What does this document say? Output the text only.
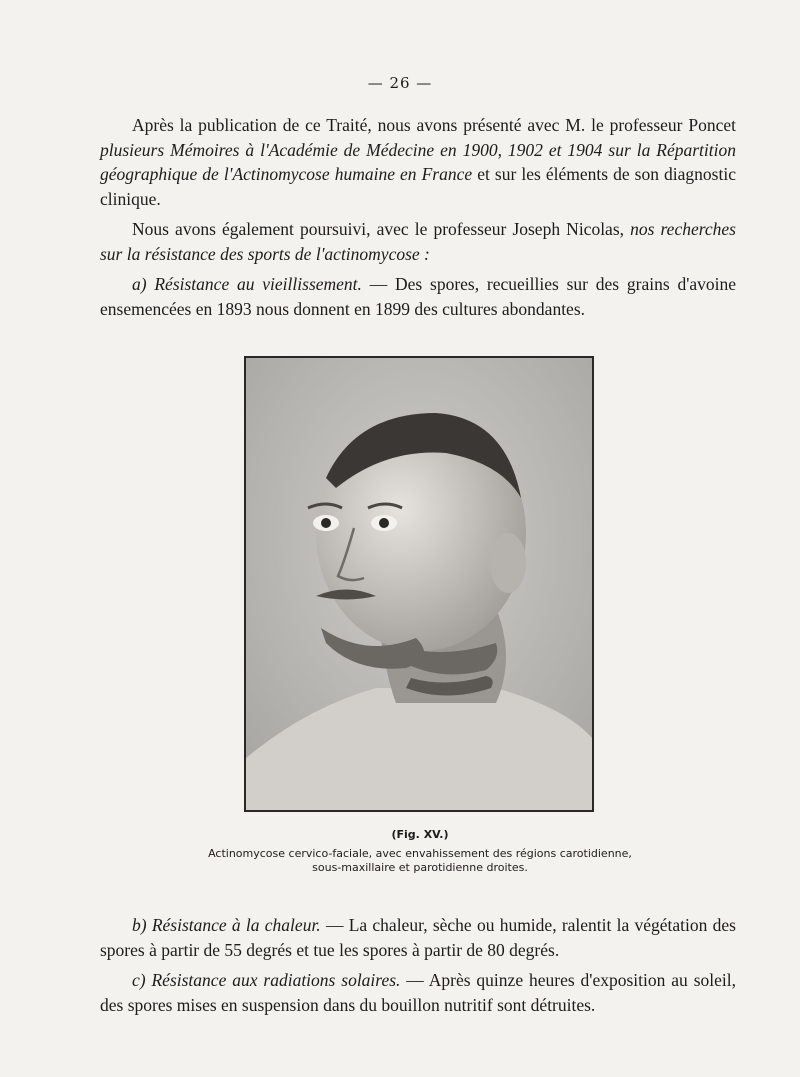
— 26 —

Après la publication de ce Traité, nous avons présenté avec M. le professeur Poncet plusieurs Mémoires à l'Académie de Médecine en 1900, 1902 et 1904 sur la Répartition géographique de l'Actinomycose humaine en France et sur les éléments de son diagnostic clinique.

Nous avons également poursuivi, avec le professeur Joseph Nicolas, nos recherches sur la résistance des sports de l'actinomycose :

a) Résistance au vieillissement. — Des spores, recueillies sur des grains d'avoine ensemencées en 1893 nous donnent en 1899 des cultures abondantes.

(Fig. XV.)
Actinomycose cervico-faciale, avec envahissement des régions carotidienne,
sous-maxillaire et parotidienne droites.

b) Résistance à la chaleur. — La chaleur, sèche ou humide, ralentit la végétation des spores à partir de 55 degrés et tue les spores à partir de 80 degrés.

c) Résistance aux radiations solaires. — Après quinze heures d'exposition au soleil, des spores mises en suspension dans du bouillon nutritif sont détruites.
